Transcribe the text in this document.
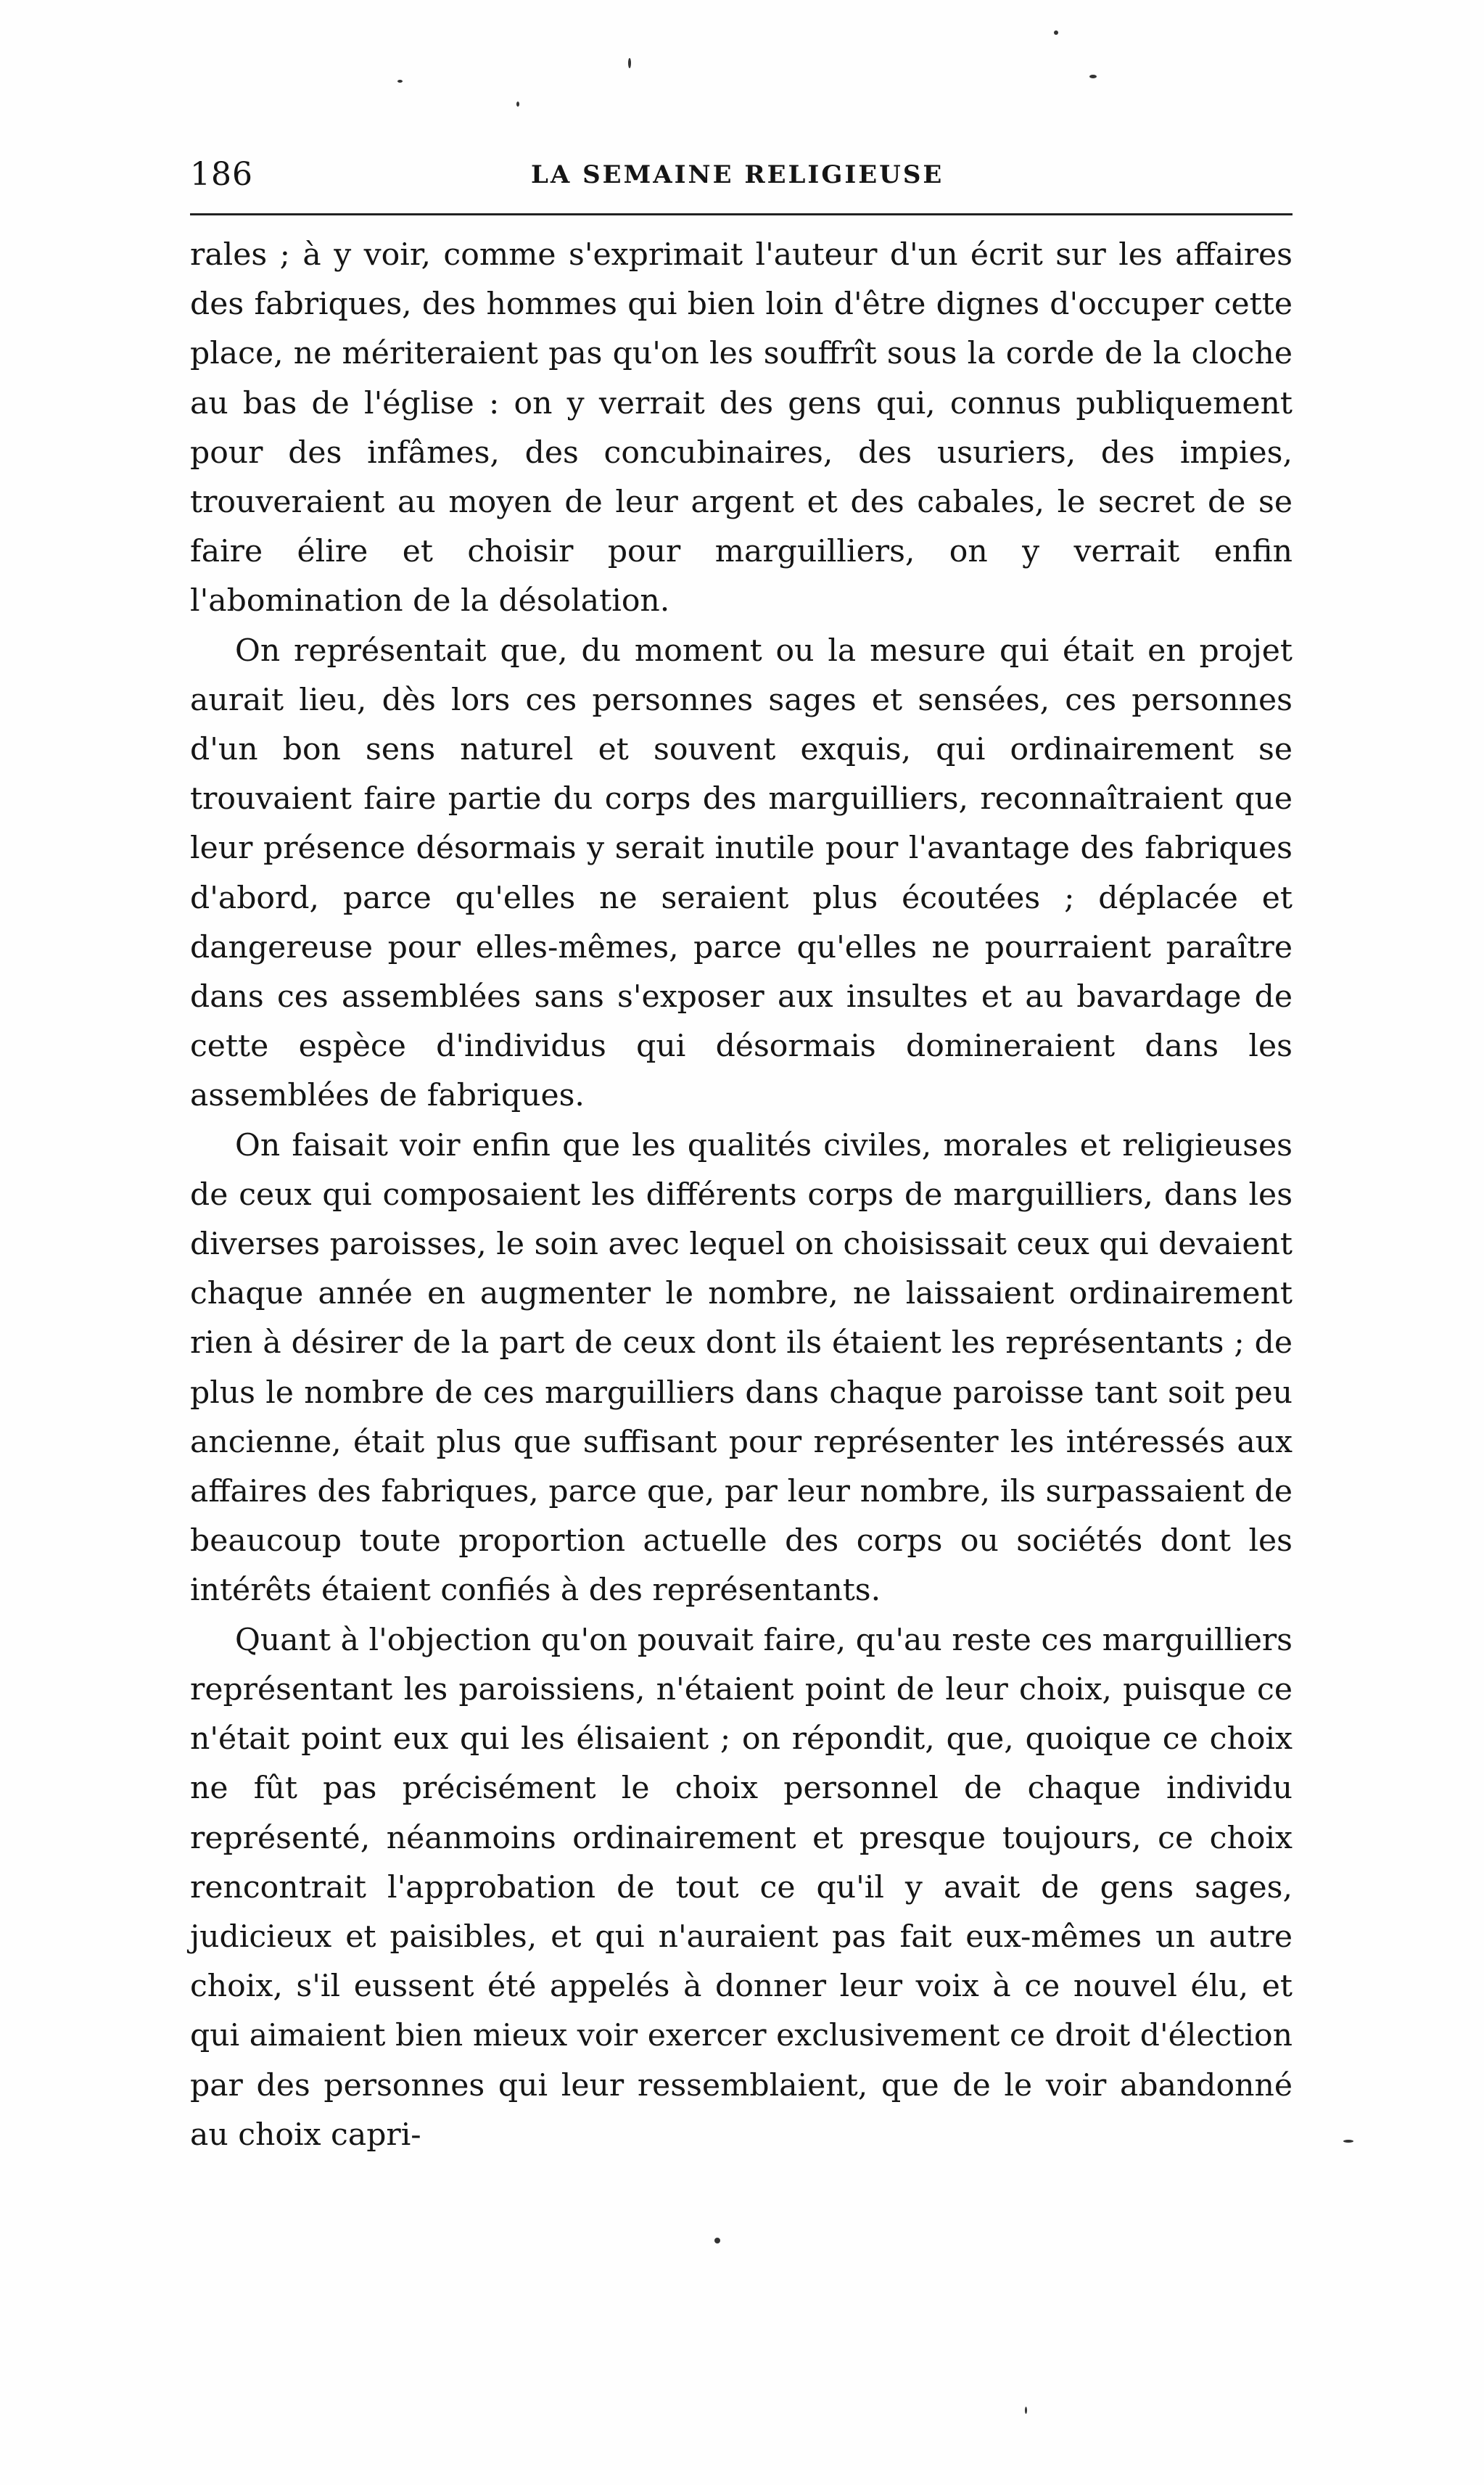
186	LA SEMAINE RELIGIEUSE

rales ; à y voir, comme s'exprimait l'auteur d'un écrit sur les affaires des fabriques, des hommes qui bien loin d'être dignes d'occuper cette place, ne mériteraient pas qu'on les souffrît sous la corde de la cloche au bas de l'église : on y verrait des gens qui, connus publiquement pour des infâmes, des concubinaires, des usuriers, des impies, trouveraient au moyen de leur argent et des cabales, le secret de se faire élire et choisir pour marguilliers, on y verrait enfin l'abomination de la désolation.

On représentait que, du moment ou la mesure qui était en projet aurait lieu, dès lors ces personnes sages et sensées, ces personnes d'un bon sens naturel et souvent exquis, qui ordinairement se trouvaient faire partie du corps des marguilliers, reconnaîtraient que leur présence désormais y serait inutile pour l'avantage des fabriques d'abord, parce qu'elles ne seraient plus écoutées ; déplacée et dangereuse pour elles-mêmes, parce qu'elles ne pourraient paraître dans ces assemblées sans s'exposer aux insultes et au bavardage de cette espèce d'individus qui désormais domineraient dans les assemblées de fabriques.

On faisait voir enfin que les qualités civiles, morales et religieuses de ceux qui composaient les différents corps de marguilliers, dans les diverses paroisses, le soin avec lequel on choisissait ceux qui devaient chaque année en augmenter le nombre, ne laissaient ordinairement rien à désirer de la part de ceux dont ils étaient les représentants ; de plus le nombre de ces marguilliers dans chaque paroisse tant soit peu ancienne, était plus que suffisant pour représenter les intéressés aux affaires des fabriques, parce que, par leur nombre, ils surpassaient de beaucoup toute proportion actuelle des corps ou sociétés dont les intérêts étaient confiés à des représentants.

Quant à l'objection qu'on pouvait faire, qu'au reste ces marguilliers représentant les paroissiens, n'étaient point de leur choix, puisque ce n'était point eux qui les élisaient ; on répondit, que, quoique ce choix ne fût pas précisément le choix personnel de chaque individu représenté, néanmoins ordinairement et presque toujours, ce choix rencontrait l'approbation de tout ce qu'il y avait de gens sages, judicieux et paisibles, et qui n'auraient pas fait eux-mêmes un autre choix, s'il eussent été appelés à donner leur voix à ce nouvel élu, et qui aimaient bien mieux voir exercer exclusivement ce droit d'élection par des personnes qui leur ressemblaient, que de le voir abandonné au choix capri-
